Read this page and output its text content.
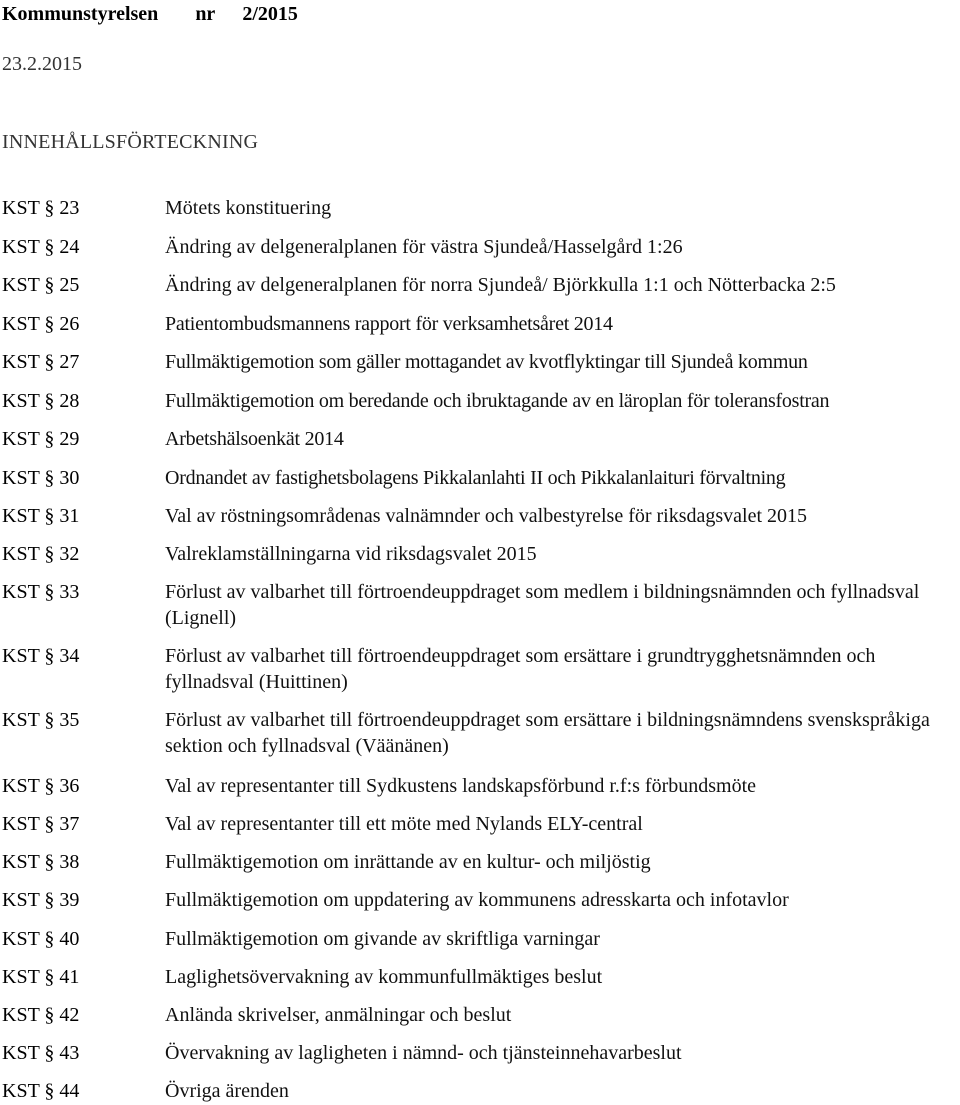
Kommunstyrelsen nr 2/2015
23.2.2015
INNEHÅLLSFÖRTECKNING
KST § 23	Mötets konstituering
KST § 24	Ändring av delgeneralplanen för västra Sjundeå/Hasselgård 1:26
KST § 25	Ändring av delgeneralplanen för norra Sjundeå/ Björkkulla 1:1 och Nötterbacka 2:5
KST § 26	Patientombudsmannens rapport för verksamhetsåret 2014
KST § 27	Fullmäktigemotion som gäller mottagandet av kvotflyktingar till Sjundeå kommun
KST § 28	Fullmäktigemotion om beredande och ibruktagande av en läroplan för toleransfostran
KST § 29	Arbetshälsoenkät 2014
KST § 30	Ordnandet av fastighetsbolagens Pikkalanlahti II och Pikkalanlaituri förvaltning
KST § 31	Val av röstningsområdenas valnämnder och valbestyrelse för riksdagsvalet 2015
KST § 32	Valreklamställningarna vid riksdagsvalet 2015
KST § 33	Förlust av valbarhet till förtroendeuppdraget som medlem i bildningsnämnden och fyllnadsval (Lignell)
KST § 34	Förlust av valbarhet till förtroendeuppdraget som ersättare i grundtrygghetsnämnden och fyllnadsval (Huittinen)
KST § 35	Förlust av valbarhet till förtroendeuppdraget som ersättare i bildningsnämndens svenskspråkiga sektion och fyllnadsval (Väänänen)
KST § 36	Val av representanter till Sydkustens landskapsförbund r.f:s förbundsmöte
KST § 37	Val av representanter till ett möte med Nylands ELY-central
KST § 38	Fullmäktigemotion om inrättande av en kultur- och miljöstig
KST § 39	Fullmäktigemotion om uppdatering av kommunens adresskarta och infotavlor
KST § 40	Fullmäktigemotion om givande av skriftliga varningar
KST § 41	Laglighetsövervakning av kommunfullmäktiges beslut
KST § 42	Anlända skrivelser, anmälningar och beslut
KST § 43	Övervakning av lagligheten i nämnd- och tjänsteinnehavarbeslut
KST § 44	Övriga ärenden
